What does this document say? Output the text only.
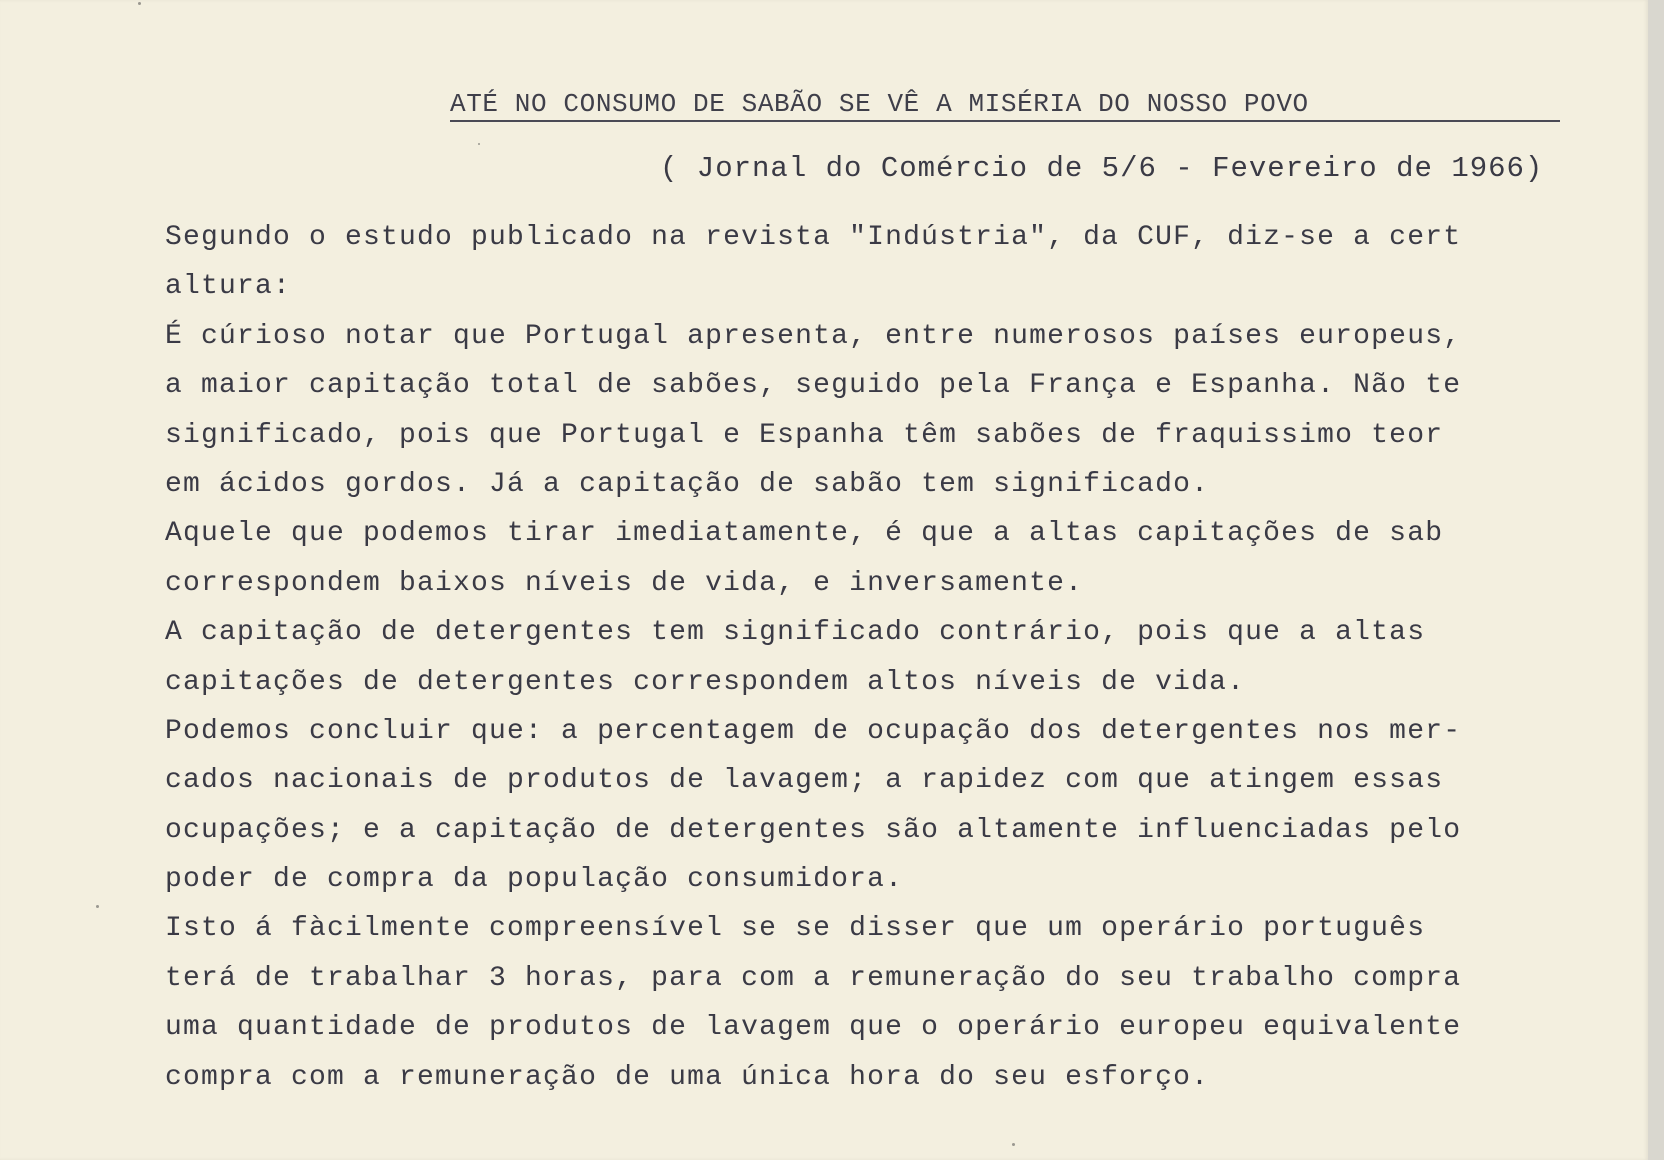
ATÉ NO CONSUMO DE SABÃO SE VÊ A MISÉRIA DO NOSSO POVO

( Jornal do Comércio de 5/6 - Fevereiro de 1966)

Segundo o estudo publicado na revista "Indústria", da CUF, diz-se a cert
altura:
É cúrioso notar que Portugal apresenta, entre numerosos países europeus,
a maior capitação total de sabões, seguido pela França e Espanha. Não te
significado, pois que Portugal e Espanha têm sabões de fraquissimo teor
em ácidos gordos. Já a capitação de sabão tem significado.
Aquele que podemos tirar imediatamente, é que a altas capitações de sab
correspondem baixos níveis de vida, e inversamente.
A capitação de detergentes tem significado contrário, pois que a altas
capitações de detergentes correspondem altos níveis de vida.
Podemos concluir que: a percentagem de ocupação dos detergentes nos mer-
cados nacionais de produtos de lavagem; a rapidez com que atingem essas
ocupações; e a capitação de detergentes são altamente influenciadas pelo
poder de compra da população consumidora.
Isto á fàcilmente compreensível se se disser que um operário português
terá de trabalhar 3 horas, para com a remuneração do seu trabalho compra
uma quantidade de produtos de lavagem que o operário europeu equivalente
compra com a remuneração de uma única hora do seu esforço.
